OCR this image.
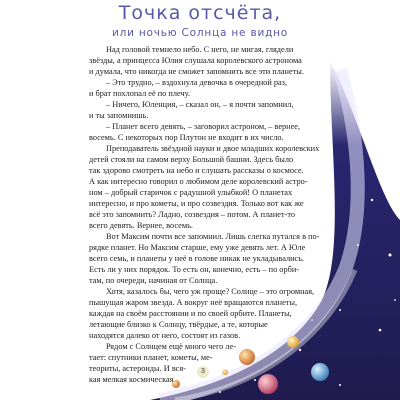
Точка отсчёта,
или ночью Солнца не видно
Над головой темнело небо. С него, не мигая, глядели
звёзды, а принцесса Юлия слушала королевского астронома
и думала, что никогда не сможет запомнить все эти планеты.
– Это трудно, – вздохнула девочка в очередной раз,
и брат похлопал её по плечу.
– Ничего, Юленция, – сказал он, – я почти запомнил,
и ты запомнишь.
– Планет всего девять, – заговорил астроном, – вернее,
восемь. С некоторых пор Плутон не входит в их число.
Преподаватель звёздной науки и двое младших королевских
детей стояли на самом верху Большой башни. Здесь было
так здорово смотреть на небо и слушать рассказы о космосе.
А как интересно говорил о любимом деле королевский астро-
ном – добрый старичок с радушной улыбкой! О планетах
интересно, и про кометы, и про созвездия. Только вот как же
всё это запомнить? Ладно, созвездия – потом. А планет-то
всего девять. Вернее, восемь.
Вот Максим почти все запомнил. Лишь слегка путался в по-
рядке планет. Но Максим старше, ему уже девять лет. А Юле
всего семь, и планеты у неё в голове никак не укладывались.
Есть ли у них порядок. То есть он, конечно, есть – по орби-
там, по очереди, начиная от Солнца.
Хотя, казалось бы, чего уж проще? Солнце – это огромная,
пышущая жаром звезда. А вокруг неё вращаются планеты,
каждая на своём расстоянии и по своей орбите. Планеты,
летающие близко к Солнцу, твёрдые, а те, которые
находятся далеко от него, состоят из газов.
Рядом с Солнцем ещё много чего ле-
тает: спутники планет, кометы, ме-
теориты, астероиды. И вся-
кая мелкая космическая
3
